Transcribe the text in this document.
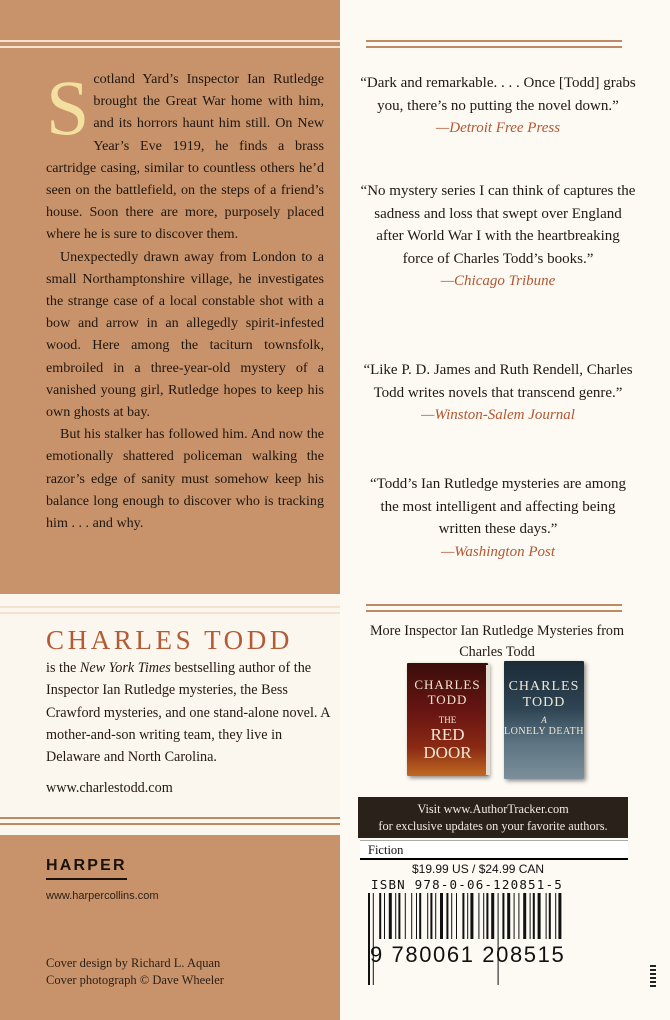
Scotland Yard’s Inspector Ian Rutledge brought the Great War home with him, and its horrors haunt him still. On New Year’s Eve 1919, he finds a brass cartridge casing, similar to countless others he’d seen on the battlefield, on the steps of a friend’s house. Soon there are more, purposely placed where he is sure to discover them.

Unexpectedly drawn away from London to a small Northamptonshire village, he investigates the strange case of a local constable shot with a bow and arrow in an allegedly spirit-infested wood. Here among the taciturn townsfolk, embroiled in a three-year-old mystery of a vanished young girl, Rutledge hopes to keep his own ghosts at bay.

But his stalker has followed him. And now the emotionally shattered policeman walking the razor’s edge of sanity must somehow keep his balance long enough to discover who is tracking him . . . and why.

CHARLES TODD
is the New York Times bestselling author of the Inspector Ian Rutledge mysteries, the Bess Crawford mysteries, and one stand-alone novel. A mother-and-son writing team, they live in Delaware and North Carolina.
www.charlestodd.com
HARPER
www.harpercollins.com
Cover design by Richard L. Aquan
Cover photograph © Dave Wheeler
“Dark and remarkable. . . . Once [Todd] grabs you, there’s no putting the novel down.”
—Detroit Free Press
“No mystery series I can think of captures the sadness and loss that swept over England after World War I with the heartbreaking force of Charles Todd’s books.”
—Chicago Tribune
“Like P. D. James and Ruth Rendell, Charles Todd writes novels that transcend genre.”
—Winston-Salem Journal
“Todd’s Ian Rutledge mysteries are among the most intelligent and affecting being written these days.”
—Washington Post
More Inspector Ian Rutledge Mysteries from Charles Todd
CHARLES
TODD
THE
RED
DOOR
CHARLES
TODD
A
LONELY DEATH
Visit www.AuthorTracker.com
for exclusive updates on your favorite authors.
Fiction
$19.99 US / $24.99 CAN
ISBN 978-0-06-120851-5
9 780061 208515
